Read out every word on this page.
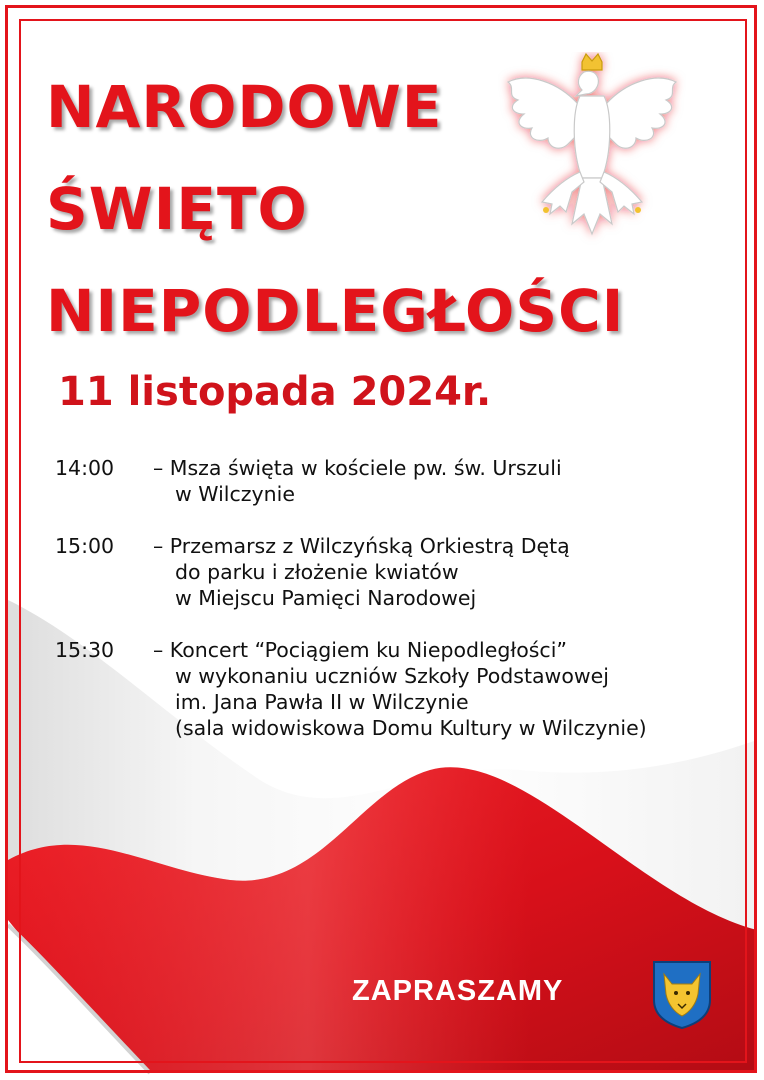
NARODOWE
ŚWIĘTO
NIEPODLEGŁOŚCI
11 listopada 2024r.
14:00	– Msza święta w kościele pw. św. Urszuli
w Wilczynie
15:00	– Przemarsz z Wilczyńską Orkiestrą Dętą
do parku i złożenie kwiatów
w Miejscu Pamięci Narodowej
15:30	– Koncert “Pociągiem ku Niepodległości”
w wykonaniu uczniów Szkoły Podstawowej
im. Jana Pawła II w Wilczynie
(sala widowiskowa Domu Kultury w Wilczynie)
ZAPRASZAMY
